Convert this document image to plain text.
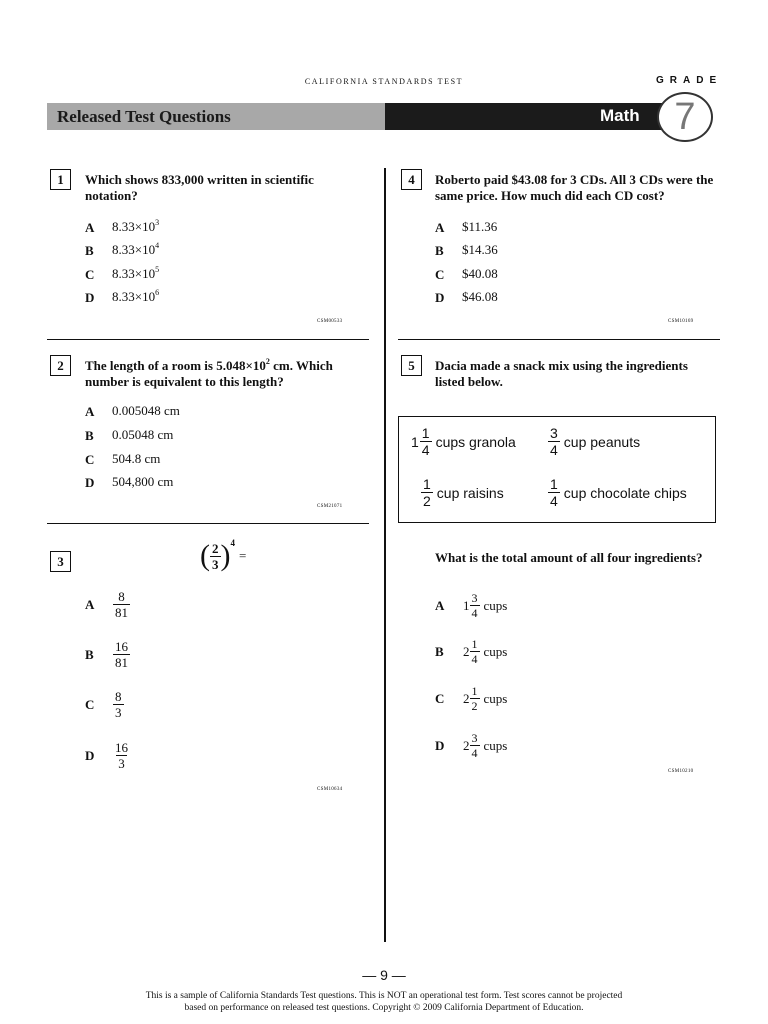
CALIFORNIA STANDARDS TEST	GRADE
Released Test Questions	Math 7
1	Which shows 833,000 written in scientific notation?
A $8.33\times 10^3$
B $8.33\times 10^4$
C $8.33\times 10^5$
D $8.33\times 10^6$
CSM00533
2	The length of a room is $5.048\times 10^2$ cm. Which number is equivalent to this length?
A 0.005048 cm
B 0.05048 cm
C 504.8 cm
D 504,800 cm
CSM21071
3	( $\frac{2}{3}$ ) 4
=
A	$\frac{8}{81}$
B	$\frac{16}{81}$
C	$\frac{8}{3}$
D	$\frac{16}{3}$
CSM10634
4	Roberto paid $43.08 for 3 CDs. All 3 CDs were the same price. How much did each CD cost?
A $11.36
B $14.36
C $40.08
D $46.08
CSM10169
5	Dacia made a snack mix using the ingredients listed below.
$1 \frac{1}{4}$ cups granola $\frac{3}{4}$ cup peanuts
$\frac{1}{2}$ cup raisins	$\frac{1}{4}$ cup chocolate chips
What is the total amount of all four ingredients?
A	$1 \frac{3}{4}$ cups
B	$2 \frac{1}{4}$ cups
C	$2 \frac{1}{2}$ cups
D	$2 \frac{3}{4}$ cups
CSM10210
— 9 —
This is a sample of California Standards Test questions. This is NOT an operational test form. Test scores cannot be projected
based on performance on released test questions. Copyright © 2009 California Department of Education.
